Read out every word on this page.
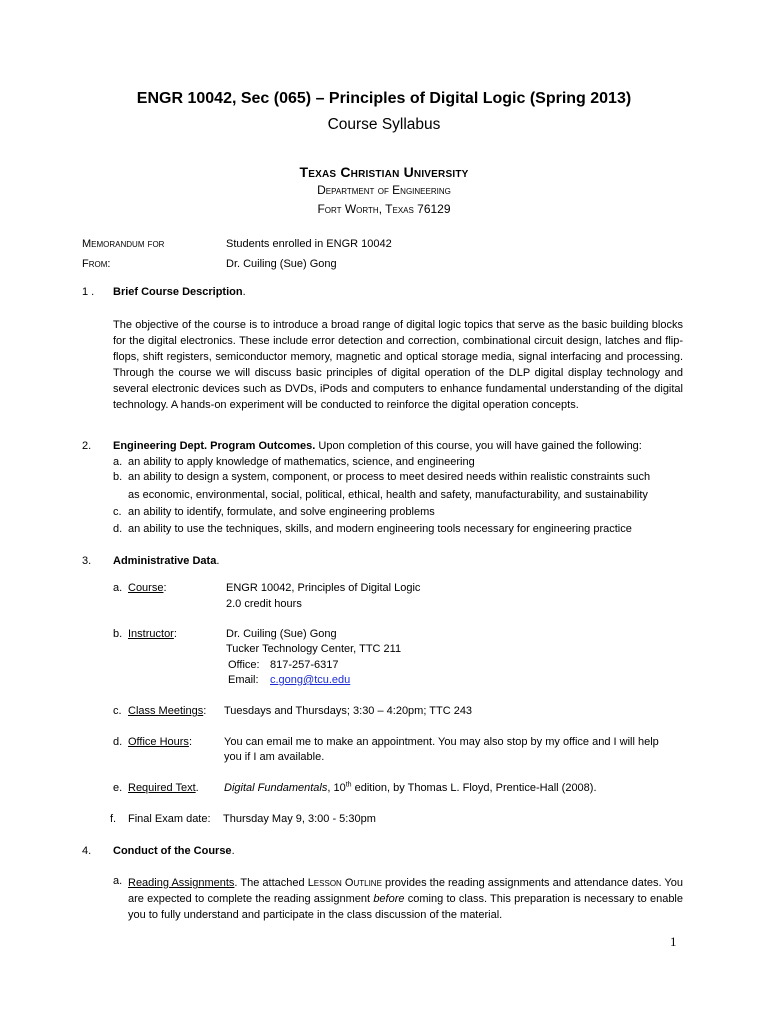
ENGR 10042, Sec (065) – Principles of Digital Logic (Spring 2013)
Course Syllabus
Texas Christian University
Department of Engineering
Fort Worth, Texas 76129
Memorandum for	Students enrolled in ENGR 10042
From:	Dr. Cuiling (Sue) Gong
1 . Brief Course Description.
The objective of the course is to introduce a broad range of digital logic topics that serve as the basic building blocks for the digital electronics. These include error detection and correction, combinational circuit design, latches and flip-flops, shift registers, semiconductor memory, magnetic and optical storage media, signal interfacing and processing. Through the course we will discuss basic principles of digital operation of the DLP digital display technology and several electronic devices such as DVDs, iPods and computers to enhance fundamental understanding of the digital technology. A hands-on experiment will be conducted to reinforce the digital operation concepts.
2. Engineering Dept. Program Outcomes. Upon completion of this course, you will have gained the following:
a. an ability to apply knowledge of mathematics, science, and engineering
b. an ability to design a system, component, or process to meet desired needs within realistic constraints such
as economic, environmental, social, political, ethical, health and safety, manufacturability, and sustainability
c. an ability to identify, formulate, and solve engineering problems
d. an ability to use the techniques, skills, and modern engineering tools necessary for engineering practice
3. Administrative Data.
a. Course:	ENGR 10042, Principles of Digital Logic
2.0 credit hours
b. Instructor:	Dr. Cuiling (Sue) Gong
Tucker Technology Center, TTC 211
Office: 817-257-6317
Email: c.gong@tcu.edu
c. Class Meetings: Tuesdays and Thursdays; 3:30 – 4:20pm; TTC 243
d. Office Hours:	You can email me to make an appointment. You may also stop by my office and I will help
you if I am available.
e. Required Text. Digital Fundamentals, 10th edition, by Thomas L. Floyd, Prentice-Hall (2008).
f. Final Exam date: Thursday May 9, 3:00 - 5:30pm
4. Conduct of the Course.
a. Reading Assignments. The attached Lesson Outline provides the reading assignments and attendance dates. You are expected to complete the reading assignment before coming to class. This preparation is necessary to enable you to fully understand and participate in the class discussion of the material.
1
